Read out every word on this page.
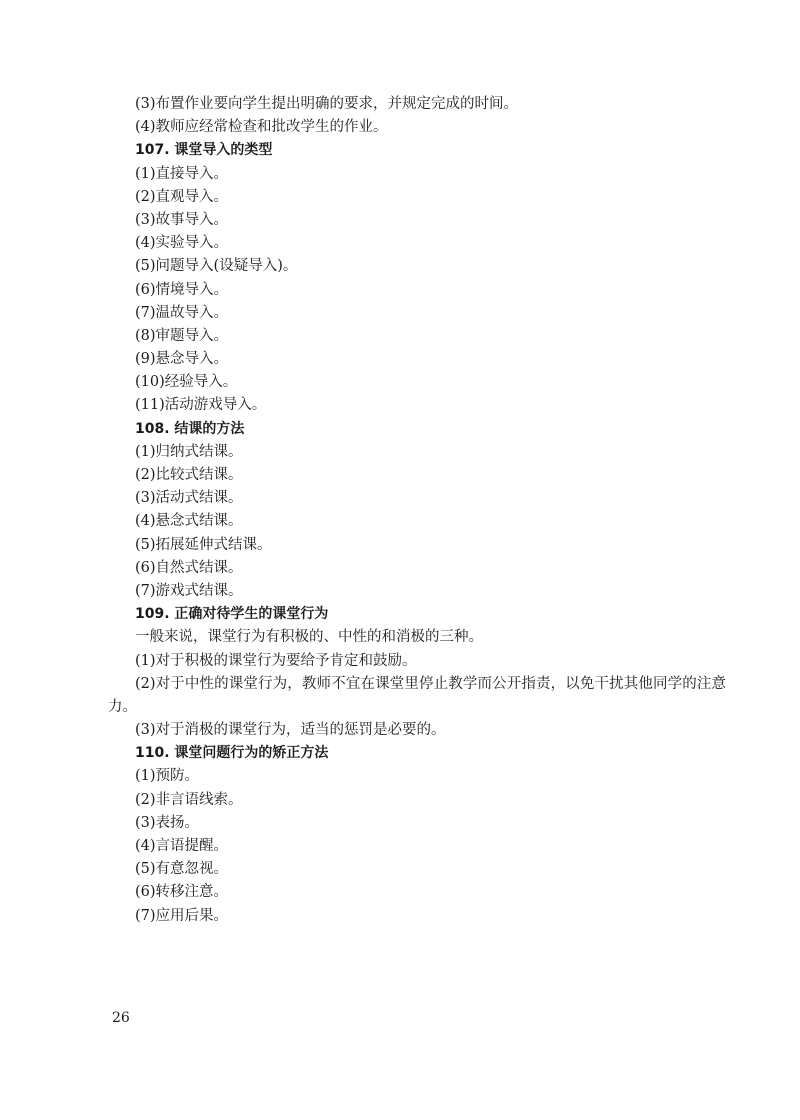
(3)布置作业要向学生提出明确的要求，并规定完成的时间。
(4)教师应经常检查和批改学生的作业。
107. 课堂导入的类型
(1)直接导入。
(2)直观导入。
(3)故事导入。
(4)实验导入。
(5)问题导入(设疑导入)。
(6)情境导入。
(7)温故导入。
(8)审题导入。
(9)悬念导入。
(10)经验导入。
(11)活动游戏导入。
108. 结课的方法
(1)归纳式结课。
(2)比较式结课。
(3)活动式结课。
(4)悬念式结课。
(5)拓展延伸式结课。
(6)自然式结课。
(7)游戏式结课。
109. 正确对待学生的课堂行为
一般来说，课堂行为有积极的、中性的和消极的三种。
(1)对于积极的课堂行为要给予肯定和鼓励。
(2)对于中性的课堂行为，教师不宜在课堂里停止教学而公开指责，以免干扰其他同学的注意力。
(3)对于消极的课堂行为，适当的惩罚是必要的。
110. 课堂问题行为的矫正方法
(1)预防。
(2)非言语线索。
(3)表扬。
(4)言语提醒。
(5)有意忽视。
(6)转移注意。
(7)应用后果。
26
